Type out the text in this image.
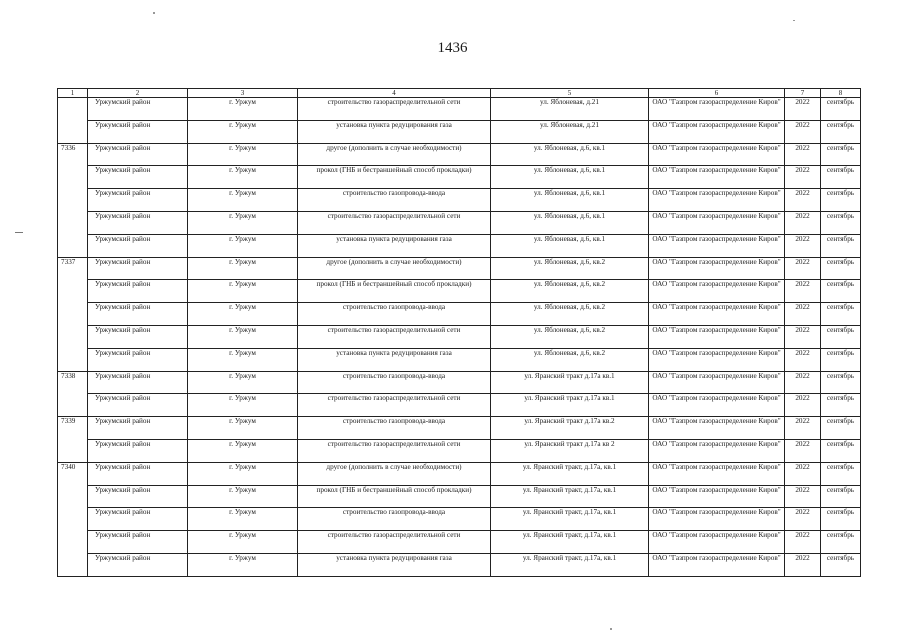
1436
1	2	3	4	5	6	7	8
	Уржумский район	г. Уржум	строительство газораспределительной сети	ул. Яблоневая, д.21	ОАО "Газпром газораспределение Киров"	2022	сентябрь
	Уржумский район	г. Уржум	установка пункта редуцирования газа	ул. Яблоневая, д.21	ОАО "Газпром газораспределение Киров"	2022	сентябрь
7336	Уржумский район	г. Уржум	другое (дополнить в случае необходимости)	ул. Яблоневая, д.6, кв.1	ОАО "Газпром газораспределение Киров"	2022	сентябрь
	Уржумский район	г. Уржум	прокол (ГНБ и бестраншейный способ прокладки)	ул. Яблоневая, д.6, кв.1	ОАО "Газпром газораспределение Киров"	2022	сентябрь
	Уржумский район	г. Уржум	строительство газопровода-ввода	ул. Яблоневая, д.6, кв.1	ОАО "Газпром газораспределение Киров"	2022	сентябрь
	Уржумский район	г. Уржум	строительство газораспределительной сети	ул. Яблоневая, д.6, кв.1	ОАО "Газпром газораспределение Киров"	2022	сентябрь
	Уржумский район	г. Уржум	установка пункта редуцирования газа	ул. Яблоневая, д.6, кв.1	ОАО "Газпром газораспределение Киров"	2022	сентябрь
7337	Уржумский район	г. Уржум	другое (дополнить в случае необходимости)	ул. Яблоневая, д.6, кв.2	ОАО "Газпром газораспределение Киров"	2022	сентябрь
	Уржумский район	г. Уржум	прокол (ГНБ и бестраншейный способ прокладки)	ул. Яблоневая, д.6, кв.2	ОАО "Газпром газораспределение Киров"	2022	сентябрь
	Уржумский район	г. Уржум	строительство газопровода-ввода	ул. Яблоневая, д.6, кв.2	ОАО "Газпром газораспределение Киров"	2022	сентябрь
	Уржумский район	г. Уржум	строительство газораспределительной сети	ул. Яблоневая, д.6, кв.2	ОАО "Газпром газораспределение Киров"	2022	сентябрь
	Уржумский район	г. Уржум	установка пункта редуцирования газа	ул. Яблоневая, д.6, кв.2	ОАО "Газпром газораспределение Киров"	2022	сентябрь
7338	Уржумский район	г. Уржум	строительство газопровода-ввода	ул. Яранский тракт д.17а кв.1	ОАО "Газпром газораспределение Киров"	2022	сентябрь
	Уржумский район	г. Уржум	строительство газораспределительной сети	ул. Яранский тракт д.17а кв.1	ОАО "Газпром газораспределение Киров"	2022	сентябрь
7339	Уржумский район	г. Уржум	строительство газопровода-ввода	ул. Яранский тракт д.17а кв.2	ОАО "Газпром газораспределение Киров"	2022	сентябрь
	Уржумский район	г. Уржум	строительство газораспределительной сети	ул. Яранский тракт д.17а кв 2	ОАО "Газпром газораспределение Киров"	2022	сентябрь
7340	Уржумский район	г. Уржум	другое (дополнить в случае необходимости)	ул. Яранский тракт, д.17а, кв.1	ОАО "Газпром газораспределение Киров"	2022	сентябрь
	Уржумский район	г. Уржум	прокол (ГНБ и бестраншейный способ прокладки)	ул. Яранский тракт, д.17а, кв.1	ОАО "Газпром газораспределение Киров"	2022	сентябрь
	Уржумский район	г. Уржум	строительство газопровода-ввода	ул. Яранский тракт, д.17а, кв.1	ОАО "Газпром газораспределение Киров"	2022	сентябрь
	Уржумский район	г. Уржум	строительство газораспределительной сети	ул. Яранский тракт, д.17а, кв.1	ОАО "Газпром газораспределение Киров"	2022	сентябрь
	Уржумский район	г. Уржум	установка пункта редуцирования газа	ул. Яранский тракт, д.17а, кв.1	ОАО "Газпром газораспределение Киров"	2022	сентябрь
